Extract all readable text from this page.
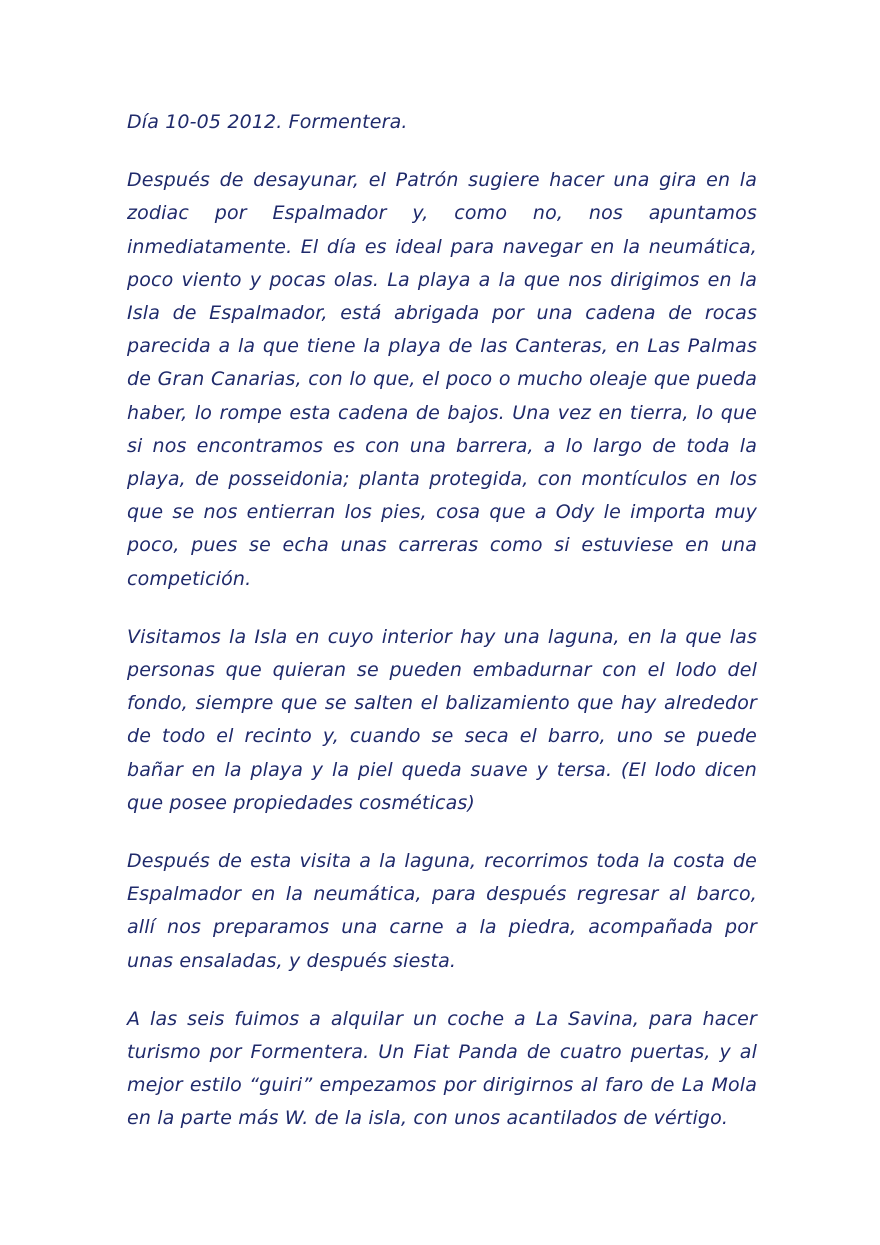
Día 10-05 2012. Formentera.

Después de desayunar, el Patrón sugiere hacer una gira en la zodiac por Espalmador y, como no, nos apuntamos inmediatamente. El día es ideal para navegar en la neumática, poco viento y pocas olas. La playa a la que nos dirigimos en la Isla de Espalmador, está abrigada por una cadena de rocas parecida a la que tiene la playa de las Canteras, en Las Palmas de Gran Canarias, con lo que, el poco o mucho oleaje que pueda haber, lo rompe esta cadena de bajos. Una vez en tierra, lo que si nos encontramos es con una barrera, a lo largo de toda la playa, de posseidonia; planta protegida, con montículos en los que se nos entierran los pies, cosa que a Ody le importa muy poco, pues se echa unas carreras como si estuviese en una competición.

Visitamos la Isla en cuyo interior hay una laguna, en la que las personas que quieran se pueden embadurnar con el lodo del fondo, siempre que se salten el balizamiento que hay alrededor de todo el recinto y, cuando se seca el barro, uno se puede bañar en la playa y la piel queda suave y tersa. (El lodo dicen que posee propiedades cosméticas)

Después de esta visita a la laguna, recorrimos toda la costa de Espalmador en la neumática, para después regresar al barco, allí nos preparamos una carne a la piedra, acompañada por unas ensaladas, y después siesta.

A las seis fuimos a alquilar un coche a La Savina, para hacer turismo por Formentera. Un Fiat Panda de cuatro puertas, y al mejor estilo “guiri” empezamos por dirigirnos al faro de La Mola en la parte más W. de la isla, con unos acantilados de vértigo.
